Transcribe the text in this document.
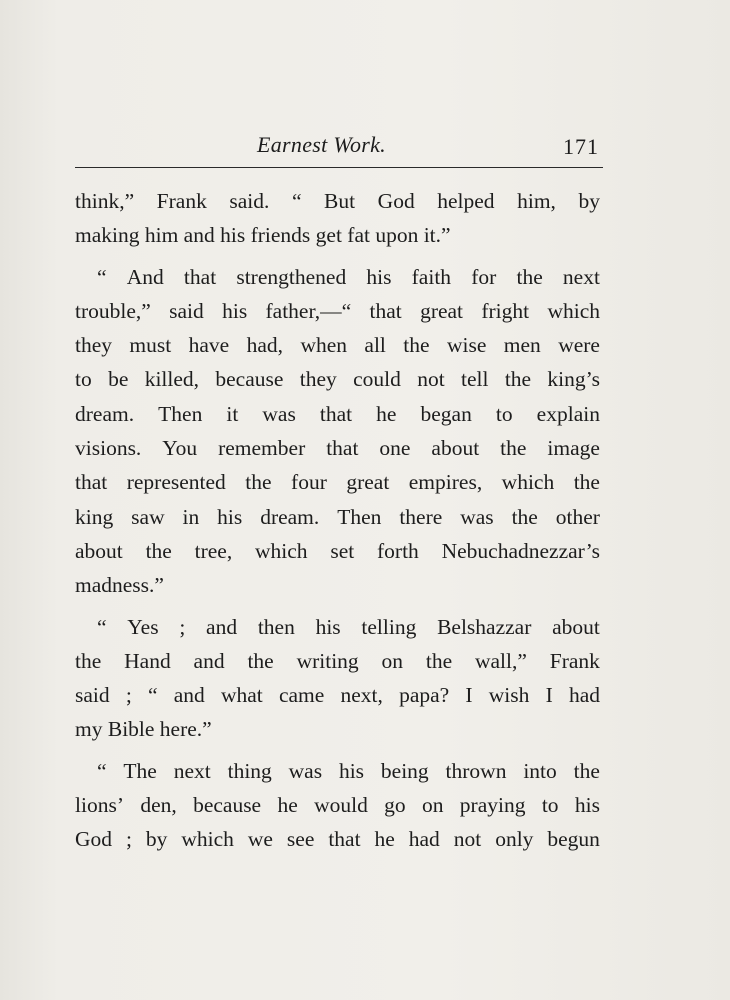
Earnest Work.	171
think,” Frank said. “ But God helped him, by
making him and his friends get fat upon it.”
“ And that strengthened his faith for the next
trouble,” said his father,—“ that great fright which
they must have had, when all the wise men were
to be killed, because they could not tell the king’s
dream. Then it was that he began to explain
visions. You remember that one about the image
that represented the four great empires, which the
king saw in his dream. Then there was the other
about the tree, which set forth Nebuchadnezzar’s
madness.”
“ Yes ; and then his telling Belshazzar about
the Hand and the writing on the wall,” Frank
said ; “ and what came next, papa? I wish I had
my Bible here.”
“ The next thing was his being thrown into the
lions’ den, because he would go on praying to his
God ; by which we see that he had not only begun
